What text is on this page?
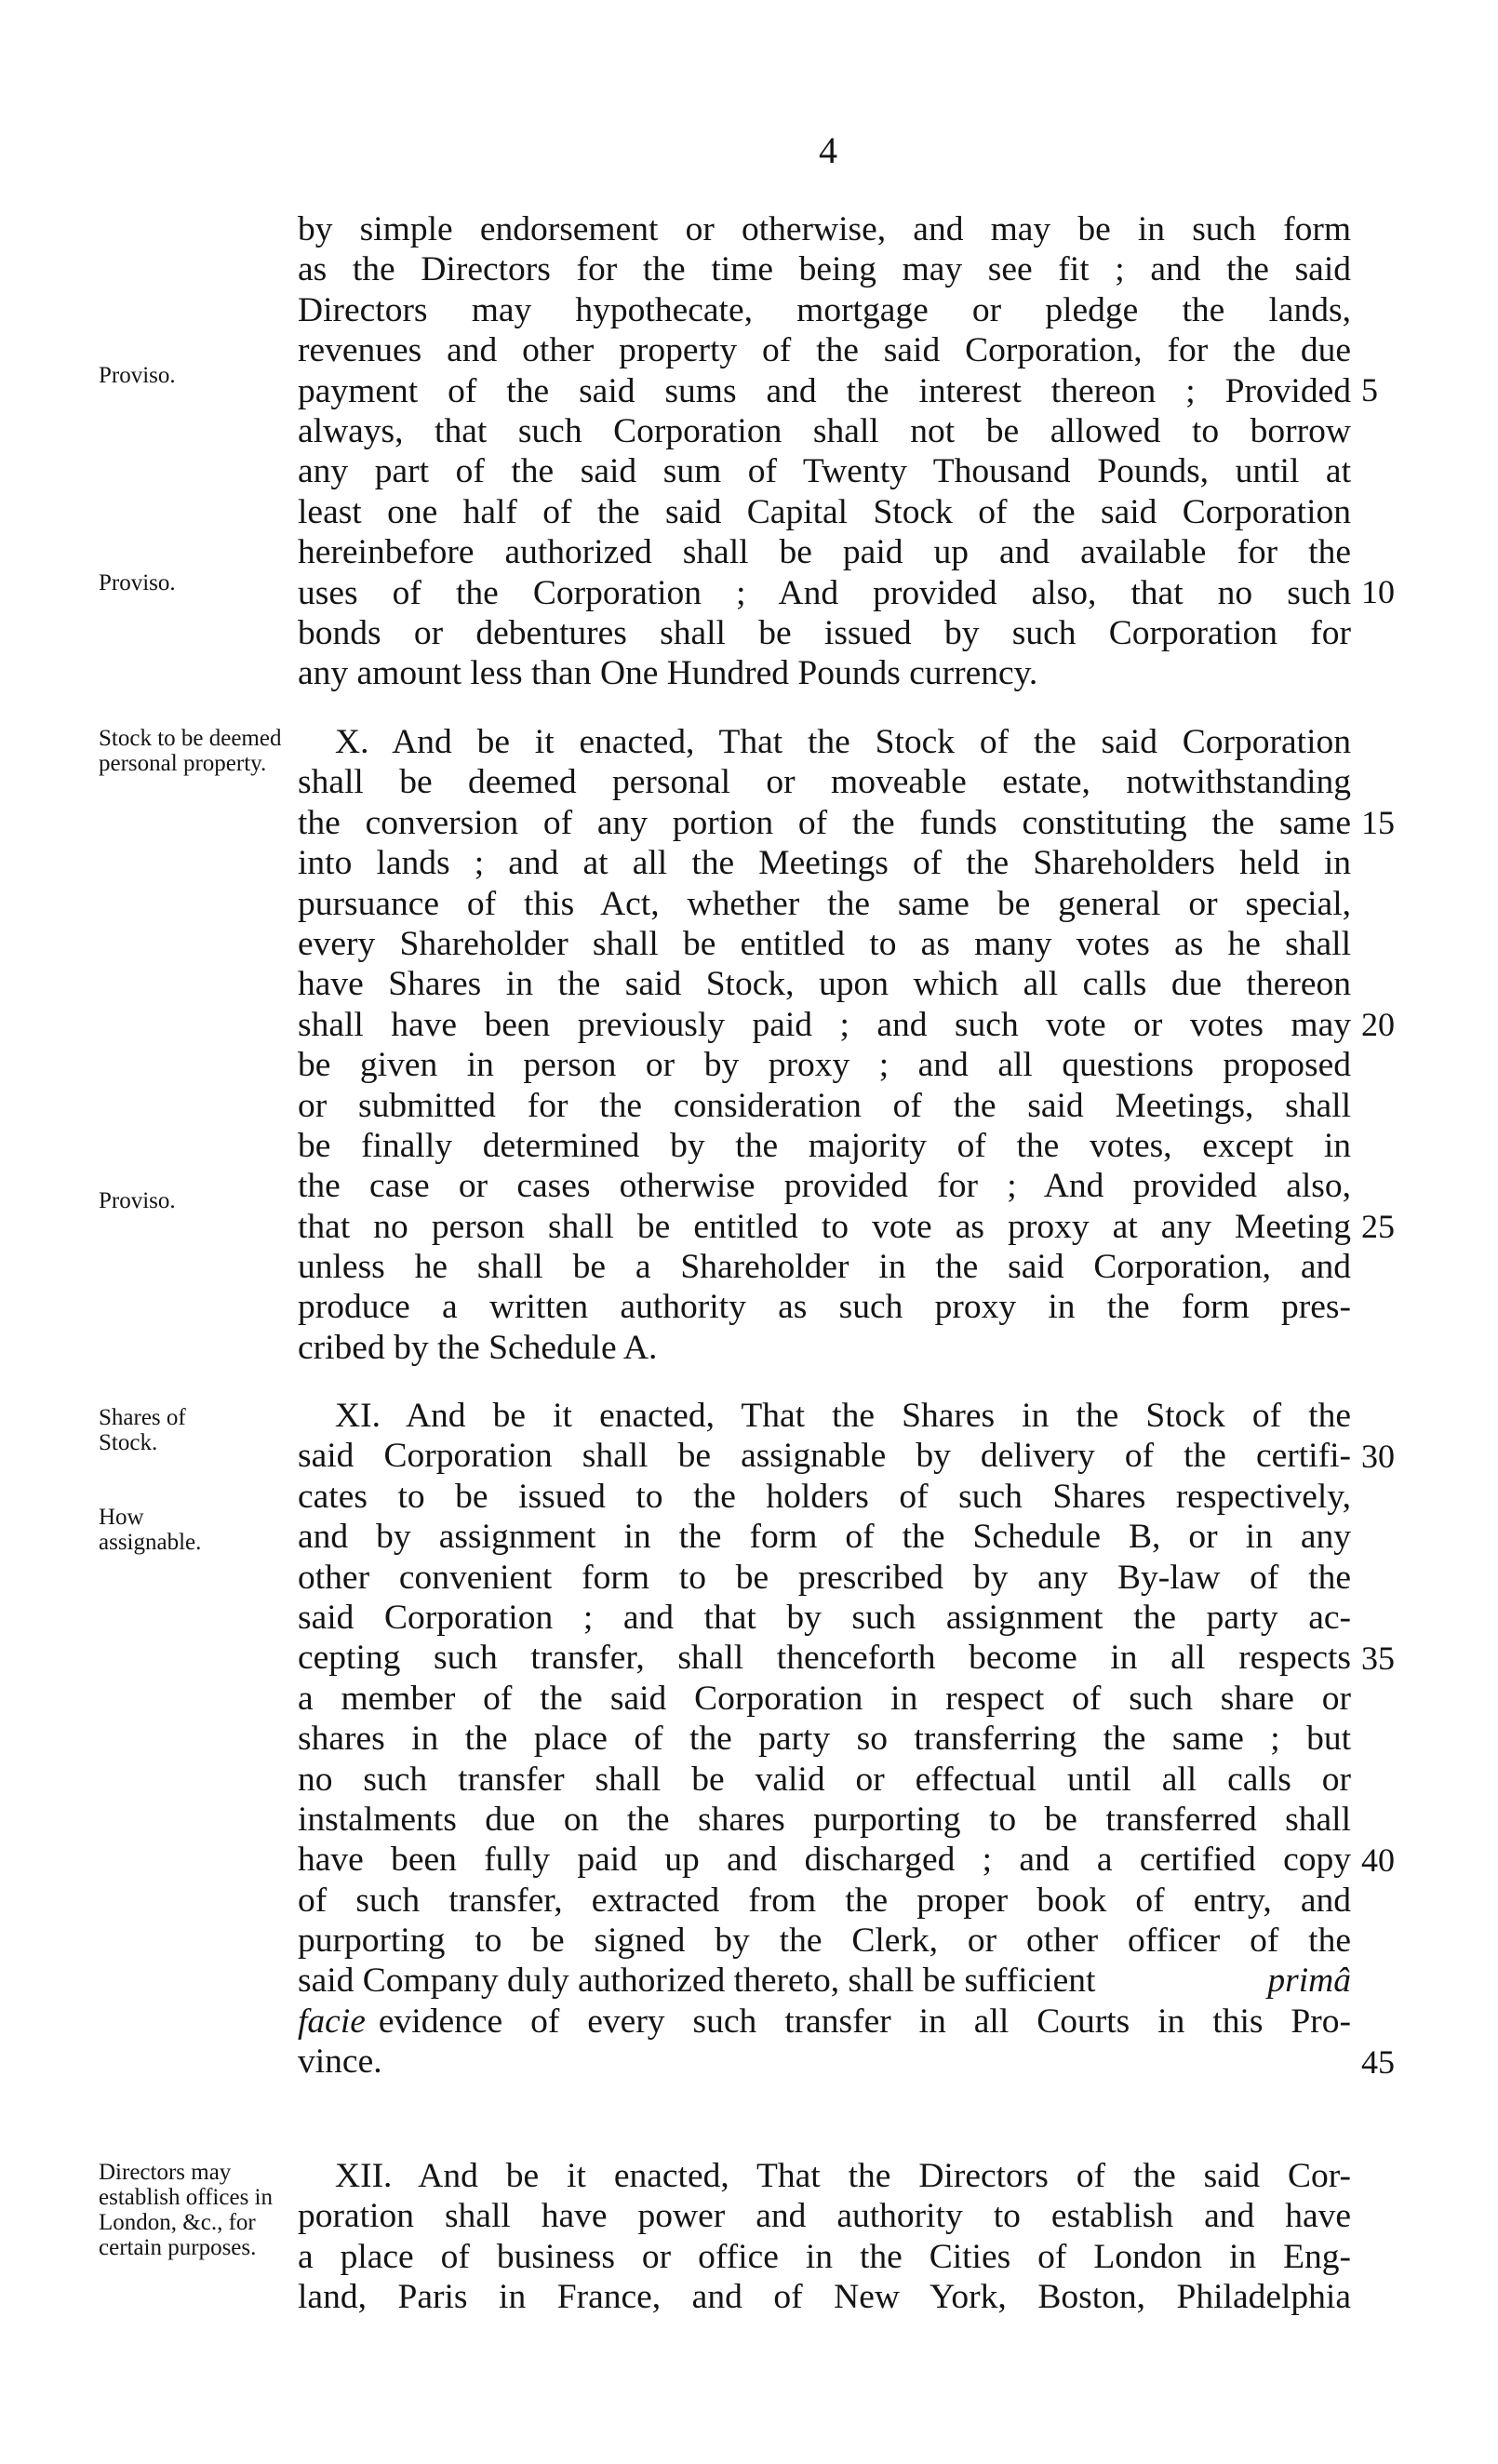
4
by simple endorsement or otherwise, and may be in such form
as the Directors for the time being may see fit ; and the said
Directors may hypothecate, mortgage or pledge the lands,
revenues and other property of the said Corporation, for the due
payment of the said sums and the interest thereon ; Provided
always, that such Corporation shall not be allowed to borrow
any part of the said sum of Twenty Thousand Pounds, until at
least one half of the said Capital Stock of the said Corporation
hereinbefore authorized shall be paid up and available for the
uses of the Corporation ; And provided also, that no such
bonds or debentures shall be issued by such Corporation for
any amount less than One Hundred Pounds currency.
X. And be it enacted, That the Stock of the said Corporation
shall be deemed personal or moveable estate, notwithstanding
the conversion of any portion of the funds constituting the same
into lands ; and at all the Meetings of the Shareholders held in
pursuance of this Act, whether the same be general or special,
every Shareholder shall be entitled to as many votes as he shall
have Shares in the said Stock, upon which all calls due thereon
shall have been previously paid ; and such vote or votes may
be given in person or by proxy ; and all questions proposed
or submitted for the consideration of the said Meetings, shall
be finally determined by the majority of the votes, except in
the case or cases otherwise provided for ; And provided also,
that no person shall be entitled to vote as proxy at any Meeting
unless he shall be a Shareholder in the said Corporation, and
produce a written authority as such proxy in the form pres-
cribed by the Schedule A.
XI. And be it enacted, That the Shares in the Stock of the
said Corporation shall be assignable by delivery of the certifi-
cates to be issued to the holders of such Shares respectively,
and by assignment in the form of the Schedule B, or in any
other convenient form to be prescribed by any By-law of the
said Corporation ; and that by such assignment the party ac-
cepting such transfer, shall thenceforth become in all respects
a member of the said Corporation in respect of such share or
shares in the place of the party so transferring the same ; but
no such transfer shall be valid or effectual until all calls or
instalments due on the shares purporting to be transferred shall
have been fully paid up and discharged ; and a certified copy
of such transfer, extracted from the proper book of entry, and
purporting to be signed by the Clerk, or other officer of the
said Company duly authorized thereto, shall be sufficient	primâ
facie evidence of every such transfer in all Courts in this Pro-
vince.
XII. And be it enacted, That the Directors of the said Cor-
poration shall have power and authority to establish and have
a place of business or office in the Cities of London in Eng-
land, Paris in France, and of New York, Boston, Philadelphia
Proviso.
Proviso.
Stock to be deemed personal property.
Proviso.
Shares of Stock.
How assignable.
Directors may establish offices in London, &c., for certain purposes.
5
10
15
20
25
30
35
40
45
